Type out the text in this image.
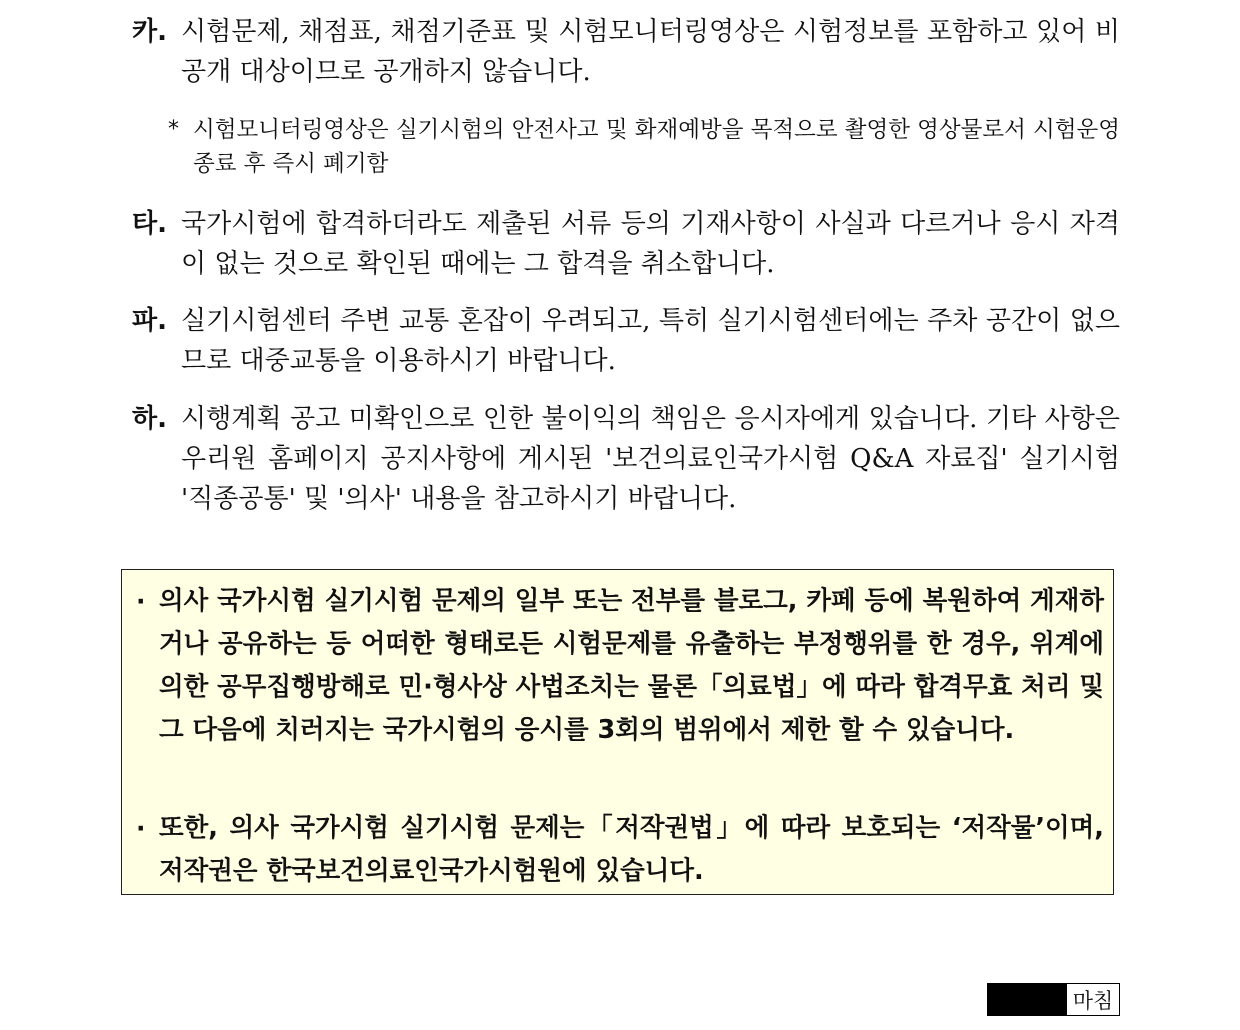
카. 시험문제, 채점표, 채점기준표 및 시험모니터링영상은 시험정보를 포함하고 있어 비공개 대상이므로 공개하지 않습니다.
* 시험모니터링영상은 실기시험의 안전사고 및 화재예방을 목적으로 촬영한 영상물로서 시험운영 종료 후 즉시 폐기함
타. 국가시험에 합격하더라도 제출된 서류 등의 기재사항이 사실과 다르거나 응시 자격이 없는 것으로 확인된 때에는 그 합격을 취소합니다.
파. 실기시험센터 주변 교통 혼잡이 우려되고, 특히 실기시험센터에는 주차 공간이 없으므로 대중교통을 이용하시기 바랍니다.
하. 시행계획 공고 미확인으로 인한 불이익의 책임은 응시자에게 있습니다. 기타 사항은 우리원 홈페이지 공지사항에 게시된 '보건의료인국가시험 Q&A 자료집' 실기시험 '직종공통' 및 '의사' 내용을 참고하시기 바랍니다.
· 의사 국가시험 실기시험 문제의 일부 또는 전부를 블로그, 카페 등에 복원하여 게재하거나 공유하는 등 어떠한 형태로든 시험문제를 유출하는 부정행위를 한 경우, 위계에 의한 공무집행방해로 민·형사상 사법조치는 물론「의료법」에 따라 합격무효 처리 및 그 다음에 치러지는 국가시험의 응시를 3회의 범위에서 제한 할 수 있습니다.
· 또한, 의사 국가시험 실기시험 문제는「저작권법」에 따라 보호되는 ‘저작물’이며, 저작권은 한국보건의료인국가시험원에 있습니다.
마침
